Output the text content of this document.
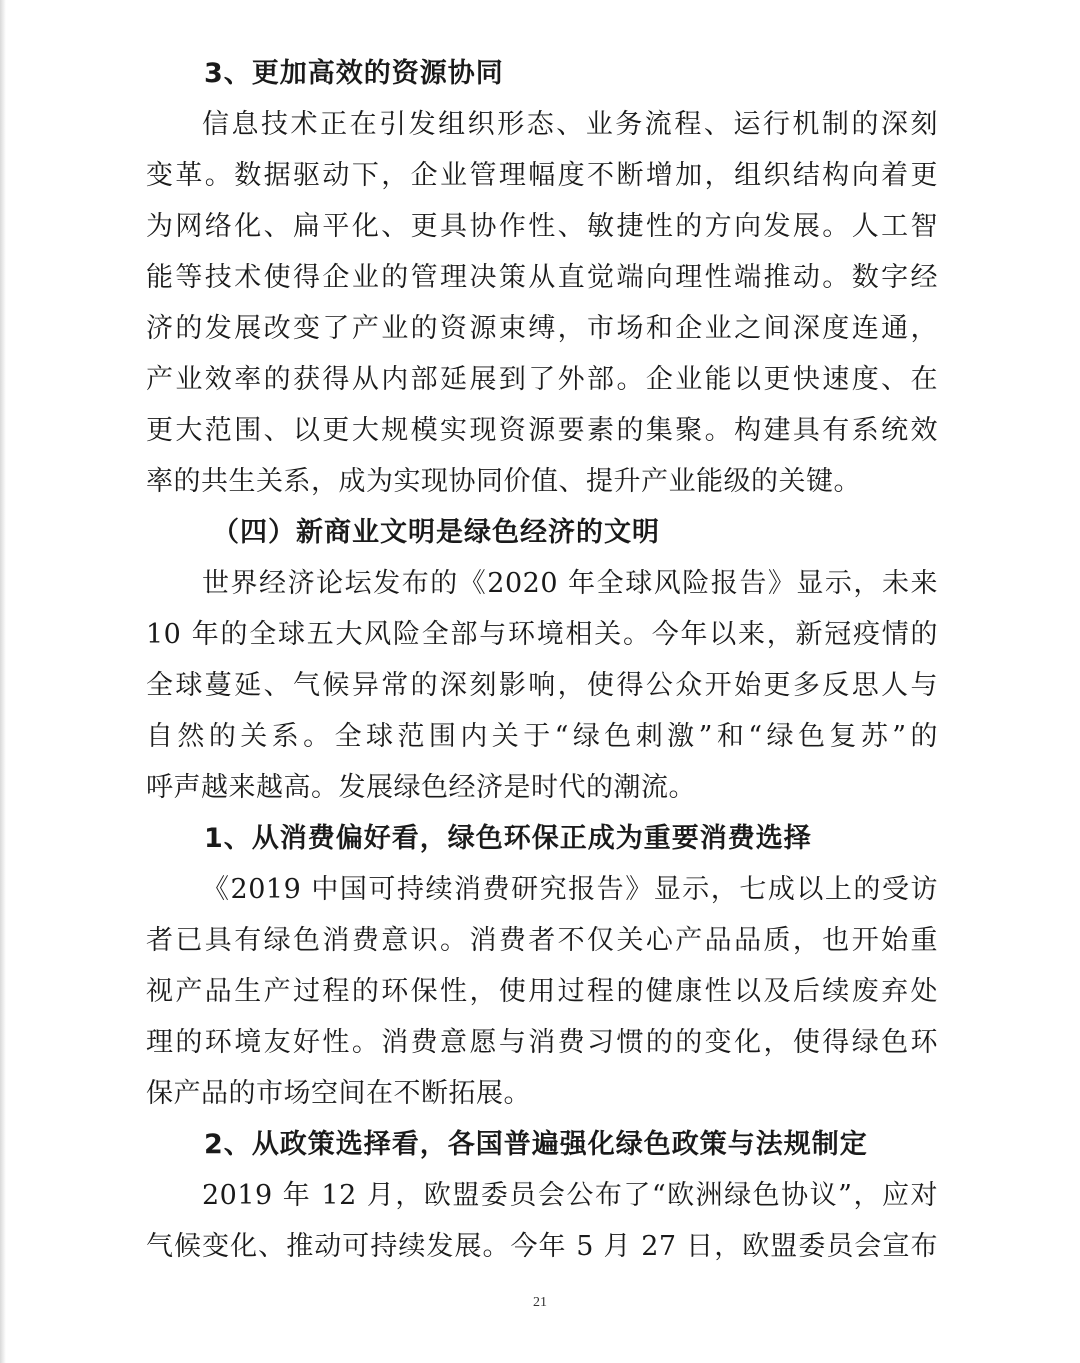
3、更加高效的资源协同
信息技术正在引发组织形态、业务流程、运行机制的深刻
变革。数据驱动下，企业管理幅度不断增加，组织结构向着更
为网络化、扁平化、更具协作性、敏捷性的方向发展。人工智
能等技术使得企业的管理决策从直觉端向理性端推动。数字经
济的发展改变了产业的资源束缚，市场和企业之间深度连通，
产业效率的获得从内部延展到了外部。企业能以更快速度、在
更大范围、以更大规模实现资源要素的集聚。构建具有系统效
率的共生关系，成为实现协同价值、提升产业能级的关键。
（四）新商业文明是绿色经济的文明
世界经济论坛发布的《2020 年全球风险报告》显示，未来
10 年的全球五大风险全部与环境相关。今年以来，新冠疫情的
全球蔓延、气候异常的深刻影响，使得公众开始更多反思人与
自然的关系。全球范围内关于“绿色刺激”和“绿色复苏”的
呼声越来越高。发展绿色经济是时代的潮流。
1、从消费偏好看，绿色环保正成为重要消费选择
《2019 中国可持续消费研究报告》显示，七成以上的受访
者已具有绿色消费意识。消费者不仅关心产品品质，也开始重
视产品生产过程的环保性，使用过程的健康性以及后续废弃处
理的环境友好性。消费意愿与消费习惯的的变化，使得绿色环
保产品的市场空间在不断拓展。
2、从政策选择看，各国普遍强化绿色政策与法规制定
2019 年 12 月，欧盟委员会公布了“欧洲绿色协议”，应对
气候变化、推动可持续发展。今年 5 月 27 日，欧盟委员会宣布
21
